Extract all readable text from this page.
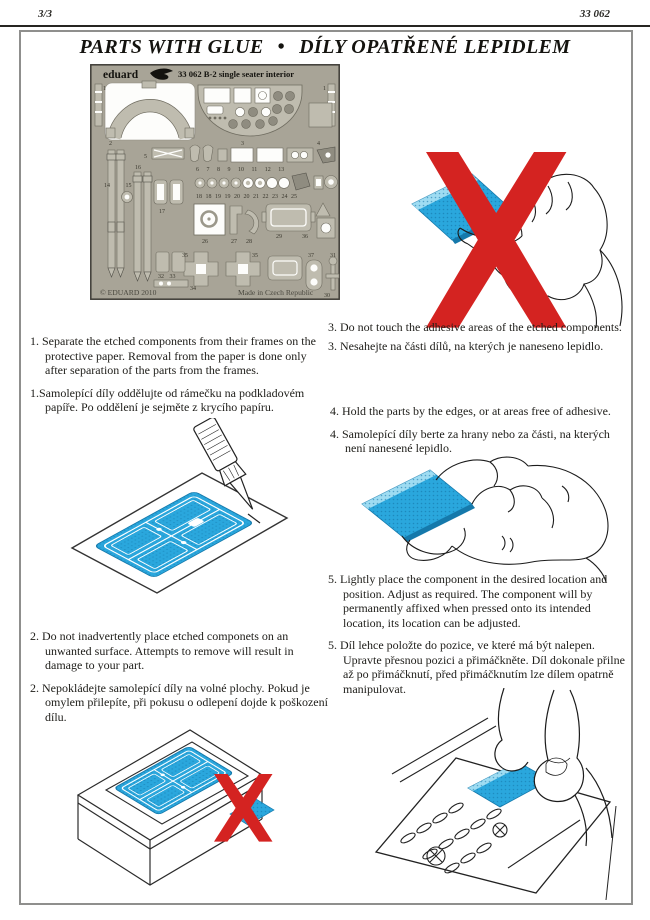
3/3	33 062
PARTS WITH GLUE • DÍLY OPATŘENÉ LEPIDLEM
eduard	33 062 B-2 single seater interior
1	1
2	3	4
5
16
17
6 7 8 9 10 11 12 13
18 18 19 19 20 20 21 22 23 24 25
14 15
26	27 28
29	36
35	35	37	31
32 33
34
30
© EDUARD 2010	Made in Czech Republic

1. Separate the etched components from their frames on the protective paper. Removal from the paper is done only after separation of the parts from the frames.

1.Samolepící díly oddělujte od rámečku na podkladovém papíře. Po oddělení je sejměte z krycího papíru.

3. Do not touch the adhesive areas of the etched components.

3. Nesahejte na části dílů, na kterých je naneseno lepidlo.

4. Hold the parts by the edges, or at areas free of adhesive.

4. Samolepící díly berte za hrany nebo za části, na kterých není nanesené lepidlo.

5. Lightly place the component in the desired location and position. Adjust as required. The component will by permanently affixed when pressed onto its intended location, its location can be adjusted.

5. Díl lehce položte do pozice, ve které má být nalepen. Upravte přesnou pozici a přimáčkněte. Díl dokonale přilne až po přimáčknutí, před přimáčknutím lze dílem opatrně manipulovat.

2. Do not inadvertently place etched componets on an unwanted surface. Attempts to remove will result in damage to your part.

2. Nepokládejte samolepící díly na volné plochy. Pokud je omylem přilepíte, při pokusu o odlepení dojde k poškození dílu.
